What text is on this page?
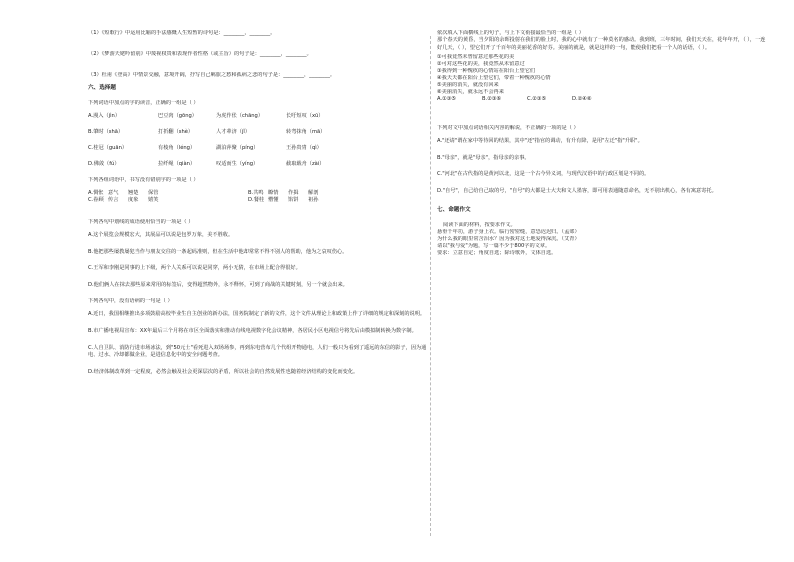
（1）《短歌行》中运用比喻的手法感慨人生短暂的诗句是：________，________。
（2）《梦游天姥吟留别》中蔑视权贵和表现作者性格（或主旨）的句子是：________，________。
（3）杜甫《登高》中情景交融，意境开阔，抒写自己羁旅之愁和孤病之悲的句子是：________，________。
六、选择题
下列词语中加点的字的读音，正确的一组是（ ）
A.漫入（jìn）	巴豆肉（gōng）	为虎作伥（chāng）	长吁短叹（xū）
B.肇时（shā）	打折翻（shè）	人才辈济（jǐ）	转弯抹角（mā）
C.桂冠（guān）	有棱角（léng）	湖泊萍聚（píng）	王孙贵胄（qì）
D.佛敛（fú）	拉纤绳（qiàn）	叹适而生（yíng）	截取载舟（zài）
下列各组词语中，书写没有错别字的一项是（ ）
A.惆怅 意气	翘楚	保管	B.共鸣 瞭情	作揖	解剖
C.眷顾 传言	度象	嬉笑	D.餐桂 懵懂	馅饼	祖孙
下列各句中划线的成语使用恰当的一项是（ ）
A.这个展览会规模宏大，其展品可以说是包罗万象，美不胜收。
B.他把那些屡教屡犯当作与朋友交往的一条起码准则，但在生活中他却常常不得不别人的帮助，他为之哀叹伤心。
C.王军和李刚是同事的上下级，两个人关系可以说是同穿，两小无猜，在市场上配合得很好。
D.他们俩人在抹去那些原来常用的标签后，变得超然物外，永不释怀，可到了商战的关键时刻，另一个就会出来。
下列各句中，没有语病的一句是（ ）
A.近日，我国相继推出多项鼓励高校毕业生自主创业的新办法，国务院制定了新的文件，这个文件从理论上和政策上作了详细的规定和深刻的说明。
B.市广播电视局宣布：XX年最后三个月将在市区全面落实和推动有线电视数字化会议精神，各居民小区电视信号将先后由模拟制转换为数字制。
C.人自卫队、消防行进市场冰法，到"50元士"看死进入双场场参，再到东电营布几个代组开物通电，人们一般只为看到了遥远的东信的影子，因为通电、过水、冷却都做企业，是进信息化中的安全问题考查。
D.经济体制改革到一定程度，必然会触及社会更深层次的矛盾，所以社会的自然发展性也随着经济结构的变化而变化。
依次填入下面横线上的句子，与上下文衔接最恰当的一组是（ ）
那个春天的黄昏，当夕阳的余晖投射在我们的脸上时，我的心中就有了一种莫名的感动。我到班，三年时间，我们天天在，花年年开，（ ），一连好几天，（ ），望它们开了千百年的美丽花香的好芬。美丽的就是，就是这样的一句，能使我们把看一个人的话语，（ ）。
①可我竟然未曾留意过那些花的美
②可对这些花的美，我竟然从未留意过
③我得到一种愧疚的心情站在阳台上望它们
④我天天都在阳台上望它们，带着一种愧疚的心情
⑤美丽的消失，就没有回来
⑥美丽消失，就永远不会再来
A.①③⑤	B.②③⑥	C.②③⑤	D.②④⑥
下列对文中加点词语相关内容的解说，不正确的一项的是（ ）
A."还请"谓在家中等待回的结果，其中"还"指官的调动，有升有降，是用"左迁"指"升职"。
B."母亲"，就是"母亲"，指母亲的亲事。
C."河北"在古代指的是黄河以北，这是一个古今异义词，与现代汉语中的行政区划是不同的。
D."自号"，自己给自己取的号，"自号"的大都是士大夫和文人墨客，即可用表通随意命名，无不别出机心，各有寓意寄托。
七、命题作文
阅读下面的材料，按要求作文。
悬垂千年功，游子身上衣。临行密密缝，意恐迟迟归。（孟郊）
为什么我的眼里常含泪水？因为我对这土地爱得深沉。（艾青）
请以"我与爱"为题，写一篇不少于800字的文章。
要求：立意自定；角度自选；除诗歌外，文体自选。
